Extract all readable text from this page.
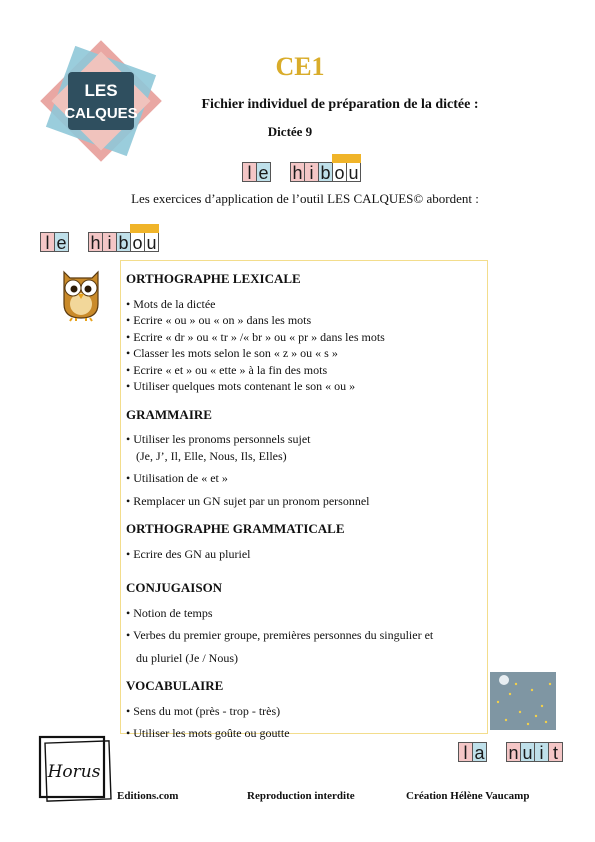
LES
CALQUES
CE1
Fichier individuel de préparation de la dictée :
Dictée 9
l e h i b o u
Les exercices d’application de l’outil LES CALQUES© abordent :
l e h i b o u
ORTHOGRAPHE LEXICALE
• Mots de la dictée
• Ecrire « ou » ou « on » dans les mots
• Ecrire « dr » ou « tr » /« br » ou « pr » dans les mots
• Classer les mots selon le son « z » ou « s »
• Ecrire « et » ou « ette » à la fin des mots
• Utiliser quelques mots contenant le son « ou »
GRAMMAIRE
• Utiliser les pronoms personnels sujet
(Je, J’, Il, Elle, Nous, Ils, Elles)
• Utilisation de « et »
• Remplacer un GN sujet par un pronom personnel
ORTHOGRAPHE GRAMMATICALE
• Ecrire des GN au pluriel
CONJUGAISON
• Notion de temps
• Verbes du premier groupe, premières personnes du singulier et
du pluriel (Je / Nous)
VOCABULAIRE
• Sens du mot (près - trop - très)
• Utiliser les mots goûte ou goutte
l a n u i t
Horus
Editions.com	Reproduction interdite	Création Hélène Vaucamp
